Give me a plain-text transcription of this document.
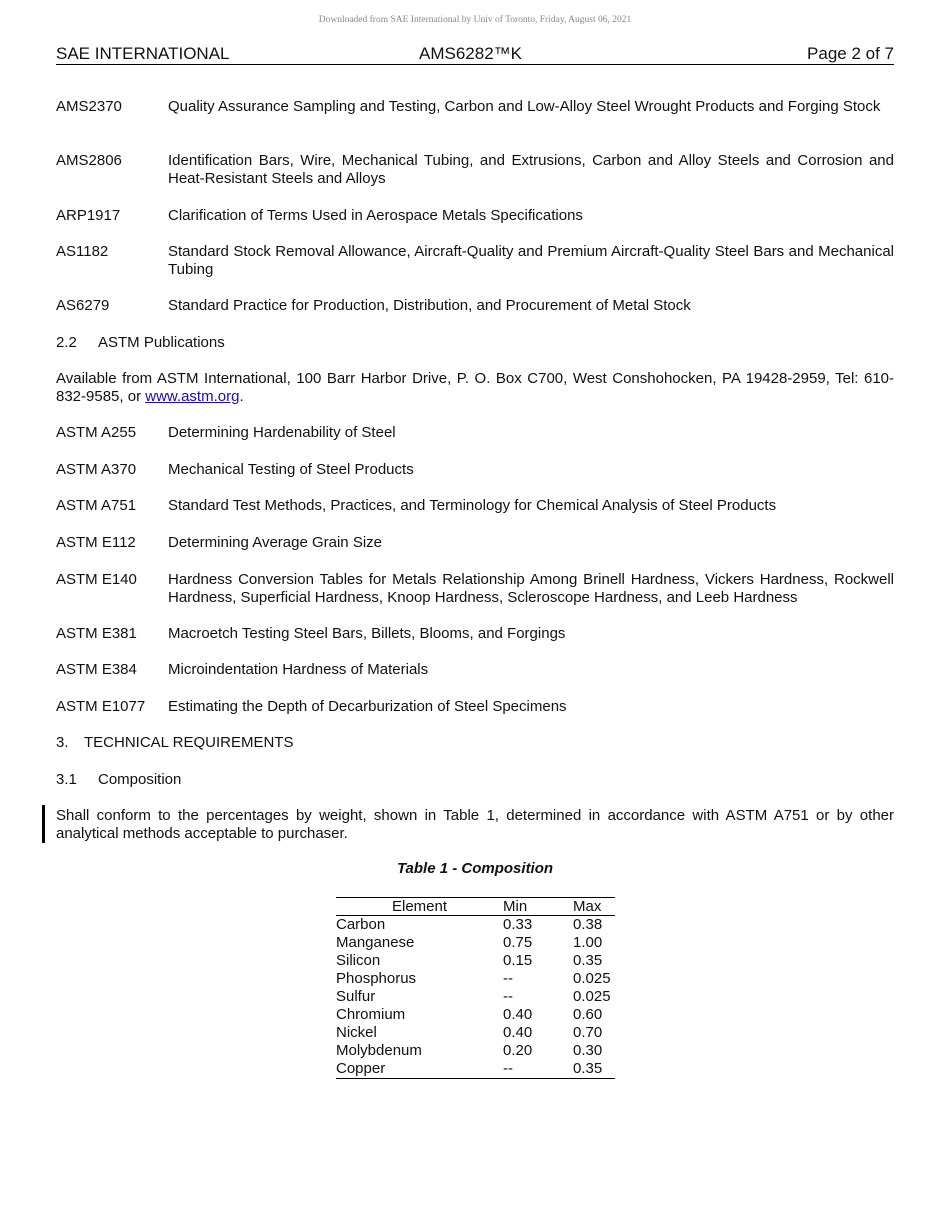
Downloaded from SAE International by Univ of Toronto, Friday, August 06, 2021
SAE INTERNATIONAL	AMS6282™K	Page 2 of 7
AMS2370	Quality Assurance Sampling and Testing, Carbon and Low-Alloy Steel Wrought Products and Forging Stock
AMS2806	Identification Bars, Wire, Mechanical Tubing, and Extrusions, Carbon and Alloy Steels and Corrosion and Heat-Resistant Steels and Alloys
ARP1917	Clarification of Terms Used in Aerospace Metals Specifications
AS1182	Standard Stock Removal Allowance, Aircraft-Quality and Premium Aircraft-Quality Steel Bars and Mechanical Tubing
AS6279	Standard Practice for Production, Distribution, and Procurement of Metal Stock
2.2 ASTM Publications
Available from ASTM International, 100 Barr Harbor Drive, P. O. Box C700, West Conshohocken, PA 19428-2959, Tel: 610-832-9585, or www.astm.org.
ASTM A255 Determining Hardenability of Steel
ASTM A370 Mechanical Testing of Steel Products
ASTM A751 Standard Test Methods, Practices, and Terminology for Chemical Analysis of Steel Products
ASTM E112 Determining Average Grain Size
ASTM E140 Hardness Conversion Tables for Metals Relationship Among Brinell Hardness, Vickers Hardness, Rockwell Hardness, Superficial Hardness, Knoop Hardness, Scleroscope Hardness, and Leeb Hardness
ASTM E381 Macroetch Testing Steel Bars, Billets, Blooms, and Forgings
ASTM E384 Microindentation Hardness of Materials
ASTM E1077 Estimating the Depth of Decarburization of Steel Specimens
3. TECHNICAL REQUIREMENTS
3.1 Composition
Shall conform to the percentages by weight, shown in Table 1, determined in accordance with ASTM A751 or by other analytical methods acceptable to purchaser.
Table 1 - Composition
Element	Min	Max
Carbon	0.33	0.38
Manganese	0.75	1.00
Silicon	0.15	0.35
Phosphorus	--	0.025
Sulfur	--	0.025
Chromium	0.40	0.60
Nickel	0.40	0.70
Molybdenum	0.20	0.30
Copper	--	0.35
